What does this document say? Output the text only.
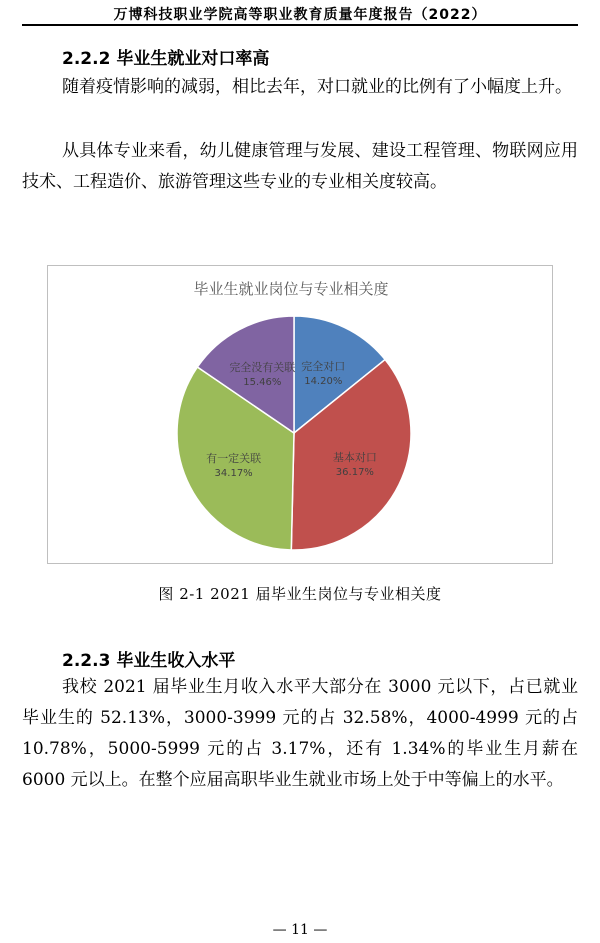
万博科技职业学院高等职业教育质量年度报告（2022）
2.2.2 毕业生就业对口率高
随着疫情影响的减弱，相比去年，对口就业的比例有了小幅度上升。
从具体专业来看，幼儿健康管理与发展、建设工程管理、物联网应用技术、工程造价、旅游管理这些专业的专业相关度较高。
毕业生就业岗位与专业相关度
完全对口
14.20%
基本对口
36.17%
有一定关联
34.17%
完全没有关联
15.46%
图 2-1 2021 届毕业生岗位与专业相关度
2.2.3 毕业生收入水平
我校 2021 届毕业生月收入水平大部分在 3000 元以下，占已就业毕业生的 52.13%，3000-3999 元的占 32.58%，4000-4999 元的占 10.78%，5000-5999 元的占 3.17%，还有 1.34%的毕业生月薪在 6000 元以上。在整个应届高职毕业生就业市场上处于中等偏上的水平。
— 11 —
